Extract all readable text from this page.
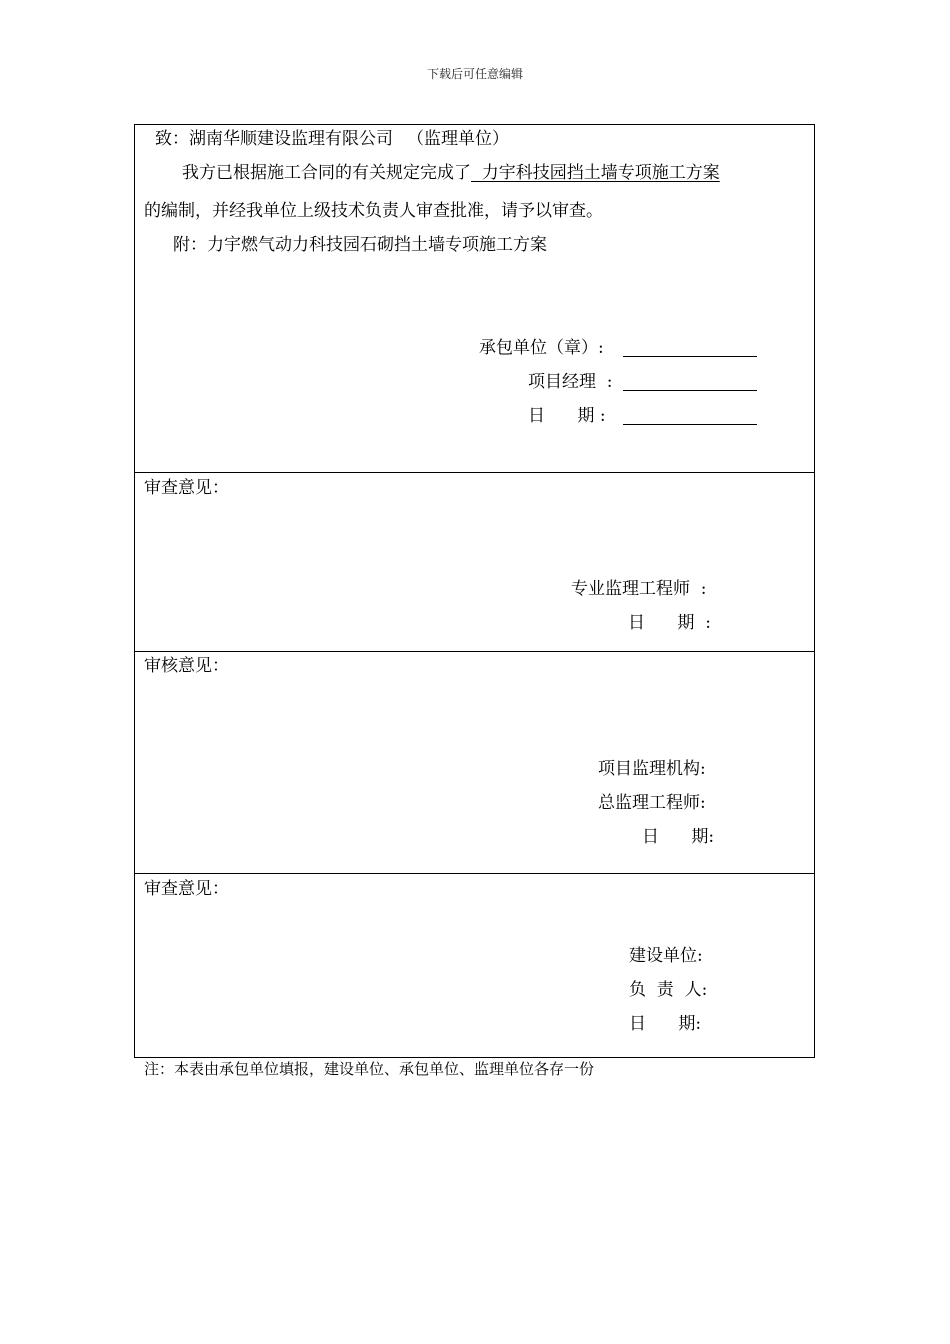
下载后可任意编辑
致：湖南华顺建设监理有限公司 （监理单位）
我方已根据施工合同的有关规定完成了  力宇科技园挡土墙专项施工方案
的编制，并经我单位上级技术负责人审查批准，请予以审查。
附：力宇燃气动力科技园石砌挡土墙专项施工方案
承包单位（章）:
项目经理  :
日      期 :
审查意见：
专业监理工程师  :
日      期  :
审核意见：
项目监理机构:
总监理工程师:
日      期:
审查意见：
建设单位:
负  责  人:
日      期:
注：本表由承包单位填报，建设单位、承包单位、监理单位各存一份
